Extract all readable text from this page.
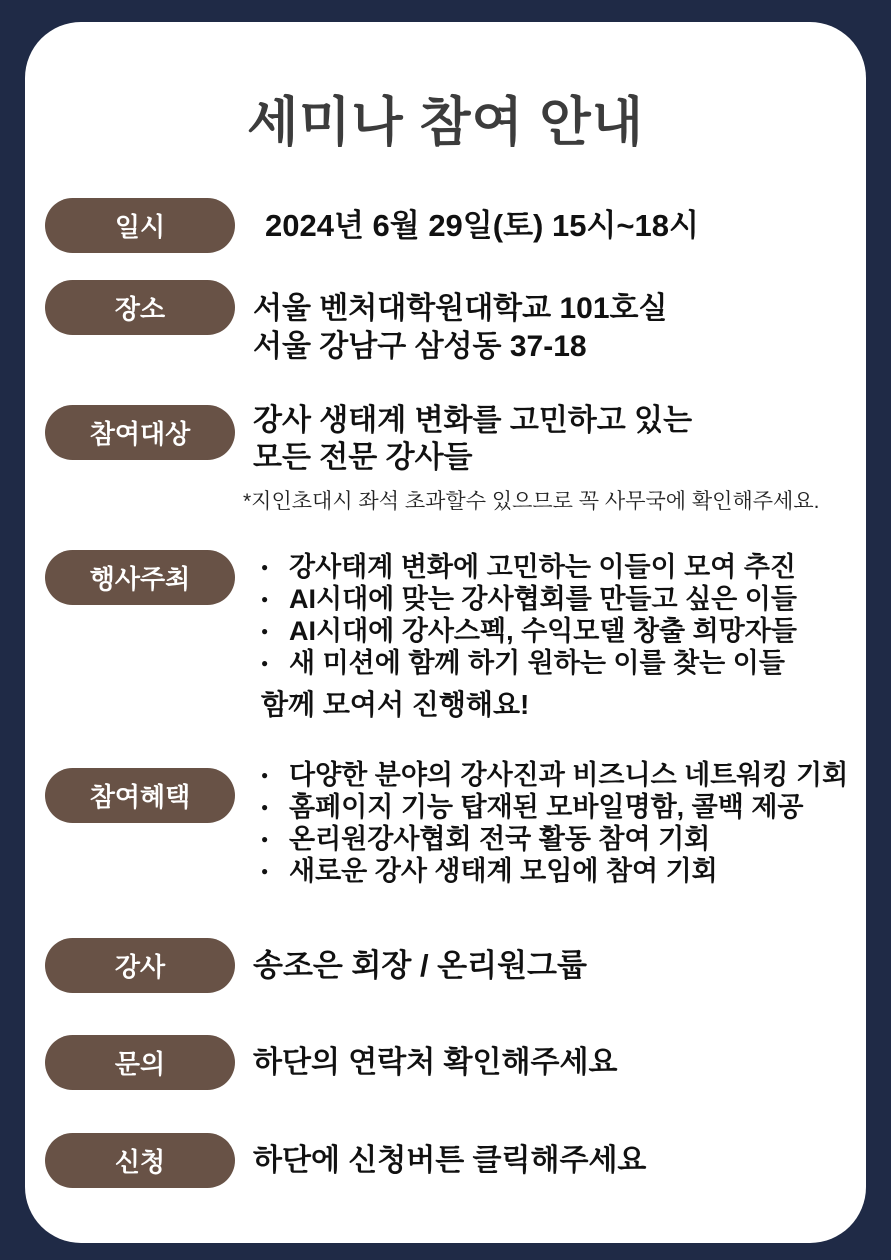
세미나 참여 안내
일시	2024년 6월 29일(토) 15시~18시

장소	서울 벤처대학원대학교 101호실

서울 강남구 삼성동 37-18

참여대상 강사 생태계 변화를 고민하고 있는

모든 전문 강사들

*지인초대시 좌석 초과할수 있으므로 꼭 사무국에 확인해주세요.

행사주최	● 강사태계 변화에 고민하는 이들이 모여 추진
● AI시대에 맞는 강사협회를 만들고 싶은 이들
● AI시대에 강사스펙, 수익모델 창출 희망자들
● 새 미션에 함께 하기 원하는 이를 찾는 이들

함께 모여서 진행해요!

참여혜택
● 다양한 분야의 강사진과 비즈니스 네트워킹 기회
● 홈페이지 기능 탑재된 모바일명함, 콜백 제공
● 온리원강사협회 전국 활동 참여 기회
● 새로운 강사 생태계 모임에 참여 기회
강사	송조은 회장 / 온리원그룹

문의	하단의 연락처 확인해주세요

신청	하단에 신청버튼 클릭해주세요
